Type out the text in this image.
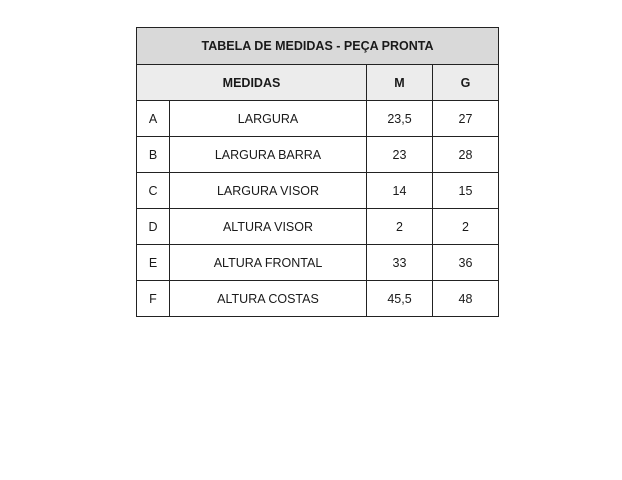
TABELA DE MEDIDAS - PEÇA PRONTA			
MEDIDAS		M	G
A	LARGURA	23,5	27
B	LARGURA BARRA	23	28
C	LARGURA VISOR	14	15
D	ALTURA VISOR	2	2
E	ALTURA FRONTAL	33	36
F	ALTURA COSTAS	45,5	48
